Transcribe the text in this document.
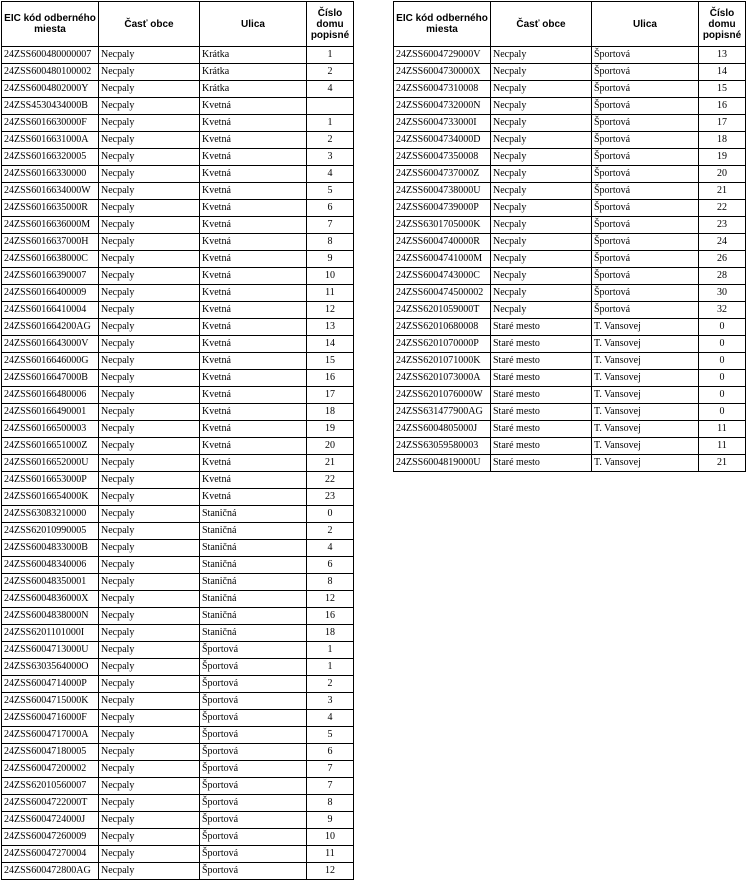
EIC kód odberného miesta	Časť obce	Ulica	Číslo domu popisné
24ZSS600480000007	Necpaly	Krátka	1
24ZSS600480100002	Necpaly	Krátka	2
24ZSS6004802000Y	Necpaly	Krátka	4
24ZSS4530434000B	Necpaly	Kvetná	
24ZSS6016630000F	Necpaly	Kvetná	1
24ZSS6016631000A	Necpaly	Kvetná	2
24ZSS60166320005	Necpaly	Kvetná	3
24ZSS60166330000	Necpaly	Kvetná	4
24ZSS6016634000W	Necpaly	Kvetná	5
24ZSS6016635000R	Necpaly	Kvetná	6
24ZSS6016636000M	Necpaly	Kvetná	7
24ZSS6016637000H	Necpaly	Kvetná	8
24ZSS6016638000C	Necpaly	Kvetná	9
24ZSS60166390007	Necpaly	Kvetná	10
24ZSS60166400009	Necpaly	Kvetná	11
24ZSS60166410004	Necpaly	Kvetná	12
24ZSS601664200AG	Necpaly	Kvetná	13
24ZSS6016643000V	Necpaly	Kvetná	14
24ZSS6016646000G	Necpaly	Kvetná	15
24ZSS6016647000B	Necpaly	Kvetná	16
24ZSS60166480006	Necpaly	Kvetná	17
24ZSS60166490001	Necpaly	Kvetná	18
24ZSS60166500003	Necpaly	Kvetná	19
24ZSS6016651000Z	Necpaly	Kvetná	20
24ZSS6016652000U	Necpaly	Kvetná	21
24ZSS6016653000P	Necpaly	Kvetná	22
24ZSS6016654000K	Necpaly	Kvetná	23
24ZSS63083210000	Necpaly	Staničná	0
24ZSS62010990005	Necpaly	Staničná	2
24ZSS6004833000B	Necpaly	Staničná	4
24ZSS60048340006	Necpaly	Staničná	6
24ZSS60048350001	Necpaly	Staničná	8
24ZSS6004836000X	Necpaly	Staničná	12
24ZSS6004838000N	Necpaly	Staničná	16
24ZSS6201101000I	Necpaly	Staničná	18
24ZSS6004713000U	Necpaly	Športová	1
24ZSS6303564000O	Necpaly	Športová	1
24ZSS6004714000P	Necpaly	Športová	2
24ZSS6004715000K	Necpaly	Športová	3
24ZSS6004716000F	Necpaly	Športová	4
24ZSS6004717000A	Necpaly	Športová	5
24ZSS60047180005	Necpaly	Športová	6
24ZSS60047200002	Necpaly	Športová	7
24ZSS62010560007	Necpaly	Športová	7
24ZSS6004722000T	Necpaly	Športová	8
24ZSS6004724000J	Necpaly	Športová	9
24ZSS60047260009	Necpaly	Športová	10
24ZSS60047270004	Necpaly	Športová	11
24ZSS600472800AG	Necpaly	Športová	12
EIC kód odberného miesta	Časť obce	Ulica	Číslo domu popisné
24ZSS6004729000V	Necpaly	Športová	13
24ZSS6004730000X	Necpaly	Športová	14
24ZSS60047310008	Necpaly	Športová	15
24ZSS6004732000N	Necpaly	Športová	16
24ZSS6004733000I	Necpaly	Športová	17
24ZSS6004734000D	Necpaly	Športová	18
24ZSS60047350008	Necpaly	Športová	19
24ZSS6004737000Z	Necpaly	Športová	20
24ZSS6004738000U	Necpaly	Športová	21
24ZSS6004739000P	Necpaly	Športová	22
24ZSS6301705000K	Necpaly	Športová	23
24ZSS6004740000R	Necpaly	Športová	24
24ZSS6004741000M	Necpaly	Športová	26
24ZSS6004743000C	Necpaly	Športová	28
24ZSS600474500002	Necpaly	Športová	30
24ZSS6201059000T	Necpaly	Športová	32
24ZSS62010680008	Staré mesto	T. Vansovej	0
24ZSS6201070000P	Staré mesto	T. Vansovej	0
24ZSS6201071000K	Staré mesto	T. Vansovej	0
24ZSS6201073000A	Staré mesto	T. Vansovej	0
24ZSS6201076000W	Staré mesto	T. Vansovej	0
24ZSS631477900AG	Staré mesto	T. Vansovej	0
24ZSS6004805000J	Staré mesto	T. Vansovej	11
24ZSS63059580003	Staré mesto	T. Vansovej	11
24ZSS6004819000U	Staré mesto	T. Vansovej	21
